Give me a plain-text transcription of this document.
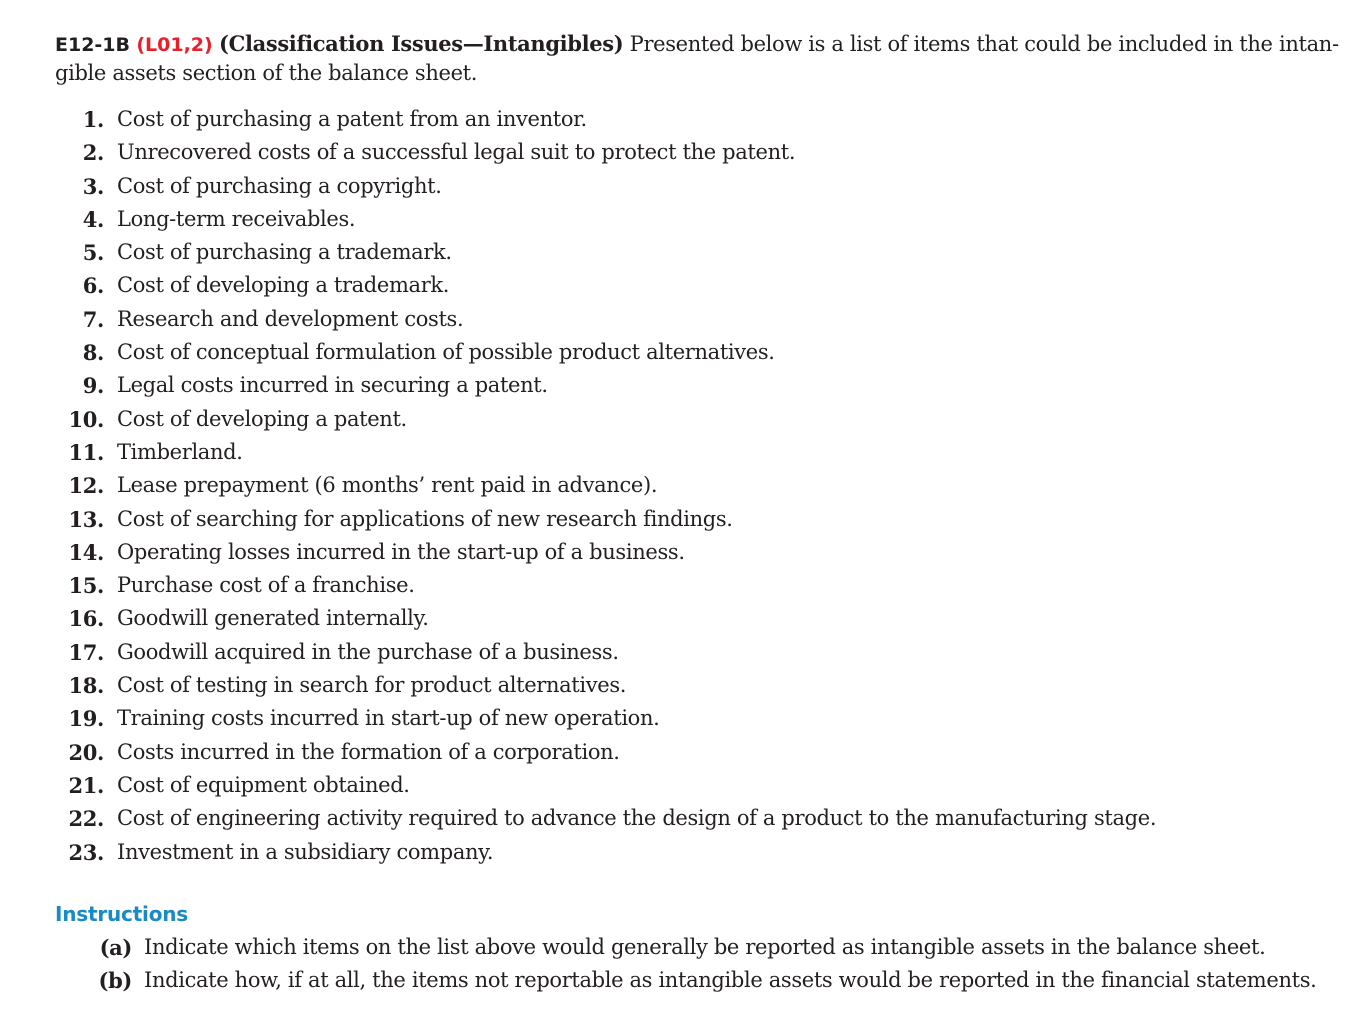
E12-1B (L01,2) (Classification Issues—Intangibles) Presented below is a list of items that could be included in the intan-
gible assets section of the balance sheet.

1. Cost of purchasing a patent from an inventor.
2. Unrecovered costs of a successful legal suit to protect the patent.
3. Cost of purchasing a copyright.
4. Long-term receivables.
5. Cost of purchasing a trademark.
6. Cost of developing a trademark.
7. Research and development costs.
8. Cost of conceptual formulation of possible product alternatives.
9. Legal costs incurred in securing a patent.
10. Cost of developing a patent.
11. Timberland.
12. Lease prepayment (6 months’ rent paid in advance).
13. Cost of searching for applications of new research findings.
14. Operating losses incurred in the start-up of a business.
15. Purchase cost of a franchise.
16. Goodwill generated internally.
17. Goodwill acquired in the purchase of a business.
18. Cost of testing in search for product alternatives.
19. Training costs incurred in start-up of new operation.
20. Costs incurred in the formation of a corporation.
21. Cost of equipment obtained.
22. Cost of engineering activity required to advance the design of a product to the manufacturing stage.
23. Investment in a subsidiary company.
Instructions
(a) Indicate which items on the list above would generally be reported as intangible assets in the balance sheet.
(b) Indicate how, if at all, the items not reportable as intangible assets would be reported in the financial statements.
